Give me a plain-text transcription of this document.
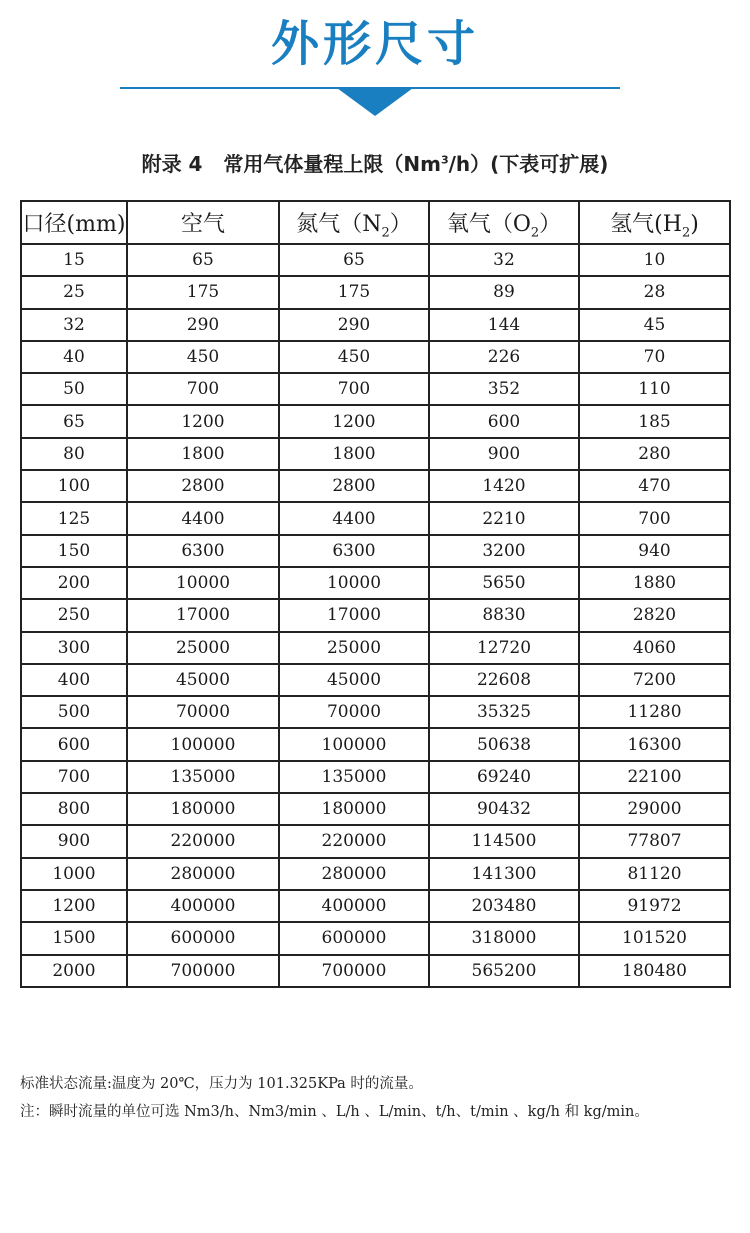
外形尺寸

附录 4   常用气体量程上限（Nm$^3$/h）(下表可扩展)

口径(mm)	空气	氮气$(N_2)$	氧气$(O_2)$	氢气$(H_2)$
15	65	65	32	10
25	175	175	89	28
32	290	290	144	45
40	450	450	226	70
50	700	700	352	110
65	1200	1200	600	185
80	1800	1800	900	280
100	2800	2800	1420	470
125	4400	4400	2210	700
150	6300	6300	3200	940
200	10000	10000	5650	1880
250	17000	17000	8830	2820
300	25000	25000	12720	4060
400	45000	45000	22608	7200
500	70000	70000	35325	11280
600	100000	100000	50638	16300
700	135000	135000	69240	22100
800	180000	180000	90432	29000
900	220000	220000	114500	77807
1000	280000	280000	141300	81120
1200	400000	400000	203480	91972
1500	600000	600000	318000	101520
2000	700000	700000	565200	180480
标准状态流量:温度为 20℃，压力为 101.325KPa 时的流量。
注：瞬时流量的单位可选 Nm3/h、Nm3/min 、L/h 、L/min、t/h、t/min 、kg/h 和 kg/min。
